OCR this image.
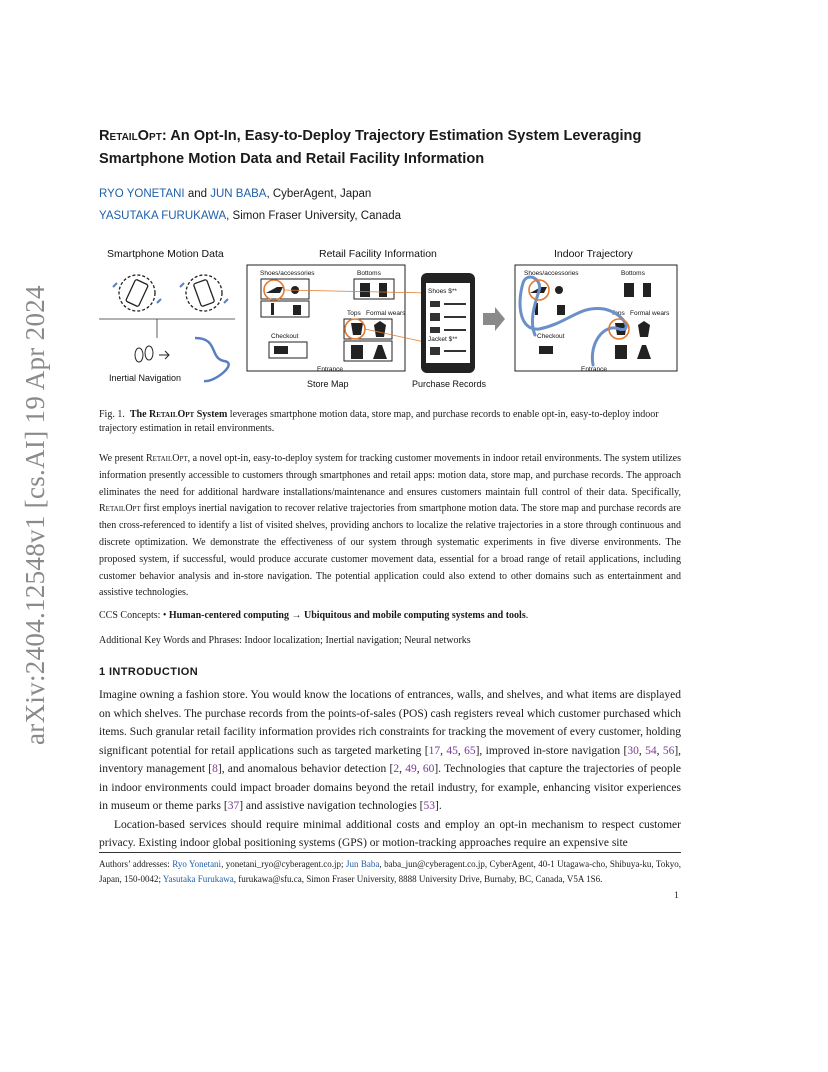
arXiv:2404.12548v1 [cs.AI] 19 Apr 2024
RetailOpt: An Opt-In, Easy-to-Deploy Trajectory Estimation System Leveraging
Smartphone Motion Data and Retail Facility Information
RYO YONETANI and JUN BABA, CyberAgent, Japan
YASUTAKA FURUKAWA, Simon Fraser University, Canada
Smartphone Motion Data
Inertial Navigation
Retail Facility Information
Shoes/accessories	Bottoms
Tops Formal wears
Checkout
Entrance
Store Map
Shoes $**
Jacket $**
Purchase Records
Indoor Trajectory
Shoes/accessories	Bottoms
Tops Formal wears
Checkout
Entrance
Fig. 1. The RetailOpt System leverages smartphone motion data, store map, and purchase records to enable opt-in, easy-to-deploy indoor trajectory estimation in retail environments.
We present RetailOpt, a novel opt-in, easy-to-deploy system for tracking customer movements in indoor retail environments. The system utilizes information presently accessible to customers through smartphones and retail apps: motion data, store map, and purchase records. The approach eliminates the need for additional hardware installations/maintenance and ensures customers maintain full control of their data. Specifically, RetailOpt first employs inertial navigation to recover relative trajectories from smartphone motion data. The store map and purchase records are then cross-referenced to identify a list of visited shelves, providing anchors to localize the relative trajectories in a store through continuous and discrete optimization. We demonstrate the effectiveness of our system through systematic experiments in five diverse environments. The proposed system, if successful, would produce accurate customer movement data, essential for a broad range of retail applications, including customer behavior analysis and in-store navigation. The potential application could also extend to other domains such as entertainment and assistive technologies.
CCS Concepts: • Human-centered computing → Ubiquitous and mobile computing systems and tools.
Additional Key Words and Phrases: Indoor localization; Inertial navigation; Neural networks
1 INTRODUCTION

Imagine owning a fashion store. You would know the locations of entrances, walls, and shelves, and what items are displayed on which shelves. The purchase records from the points-of-sales (POS) cash registers reveal which customer purchased which items. Such granular retail facility information provides rich constraints for tracking the movement of every customer, holding significant potential for retail applications such as targeted marketing [17, 45, 65], improved in-store navigation [30, 54, 56], inventory management [8], and anomalous behavior detection [2, 49, 60]. Technologies that capture the trajectories of people in indoor environments could impact broader domains beyond the retail industry, for example, enhancing visitor experiences in museum or theme parks [37] and assistive navigation technologies [53].

Location-based services should require minimal additional costs and employ an opt-in mechanism to respect customer privacy. Existing indoor global positioning systems (GPS) or motion-tracking approaches require an expensive site

Authors’ addresses: Ryo Yonetani, yonetani_ryo@cyberagent.co.jp; Jun Baba, baba_jun@cyberagent.co.jp, CyberAgent, 40-1 Utagawa-cho, Shibuya-ku, Tokyo, Japan, 150-0042; Yasutaka Furukawa, furukawa@sfu.ca, Simon Fraser University, 8888 University Drive, Burnaby, BC, Canada, V5A 1S6.
1
